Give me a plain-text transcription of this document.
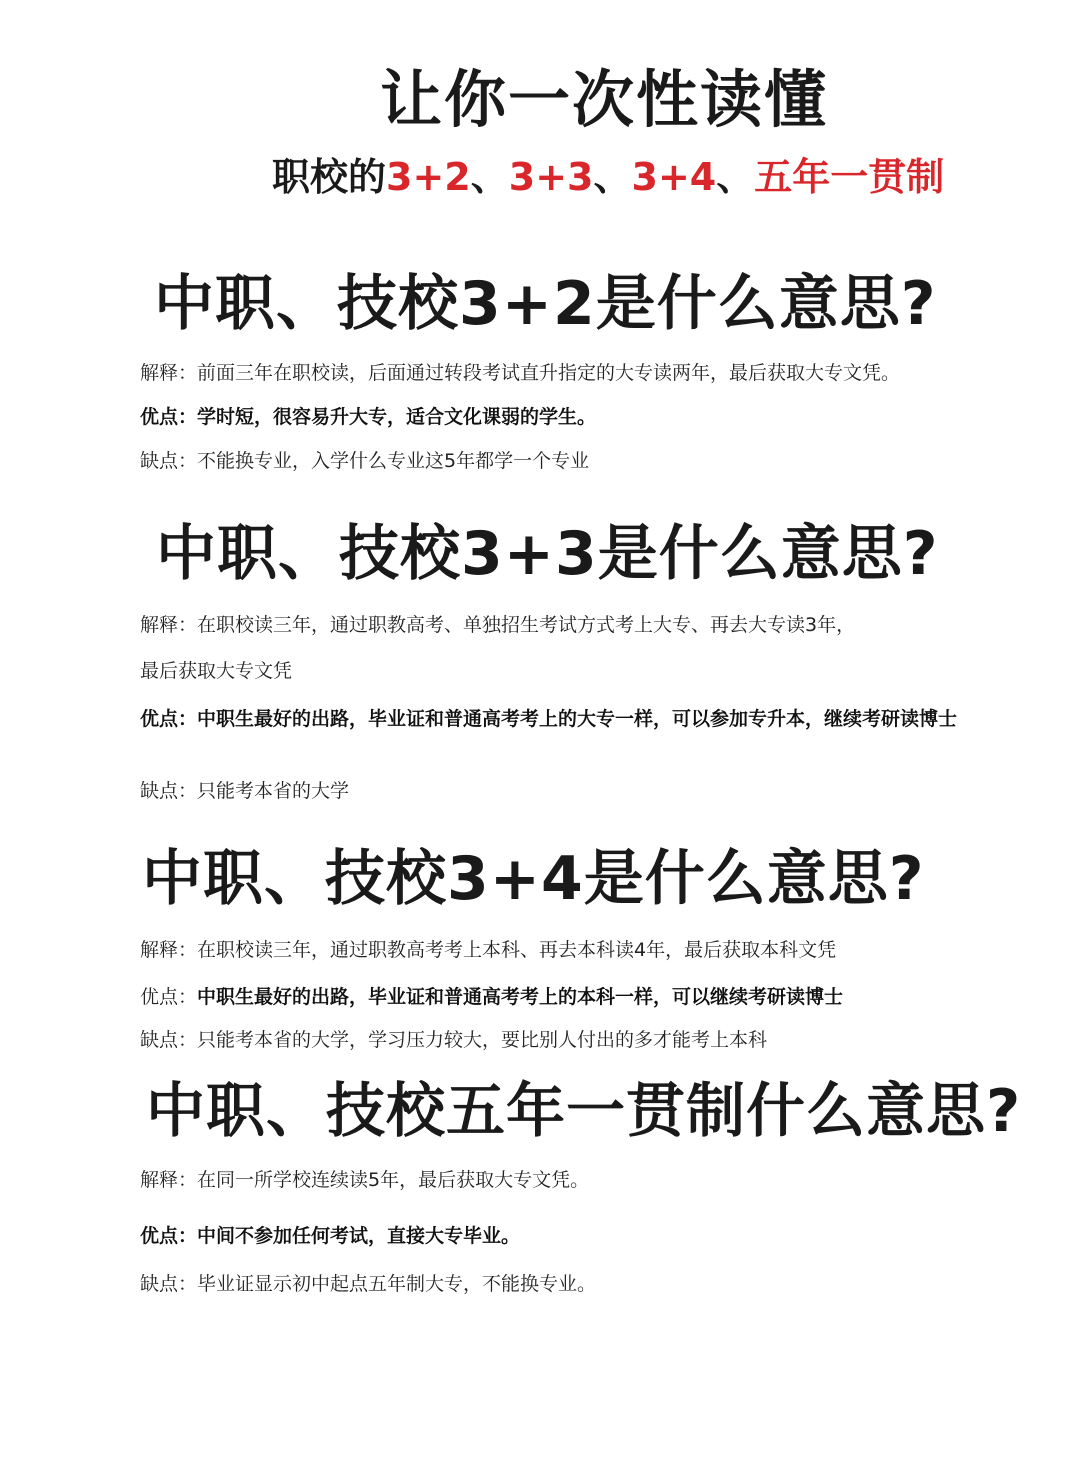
让你一次性读懂
职校的3+2、3+3、3+4、五年一贯制
中职、技校3+2是什么意思?
解释：前面三年在职校读，后面通过转段考试直升指定的大专读两年，最后获取大专文凭。
优点：学时短，很容易升大专，适合文化课弱的学生。
缺点：不能换专业，入学什么专业这5年都学一个专业
中职、技校3+3是什么意思?
解释：在职校读三年，通过职教高考、单独招生考试方式考上大专、再去大专读3年，
最后获取大专文凭
优点：中职生最好的出路，毕业证和普通高考考上的大专一样，可以参加专升本，继续考研读博士
缺点：只能考本省的大学
中职、技校3+4是什么意思?
解释：在职校读三年，通过职教高考考上本科、再去本科读4年，最后获取本科文凭
优点：中职生最好的出路，毕业证和普通高考考上的本科一样，可以继续考研读博士
缺点：只能考本省的大学，学习压力较大，要比别人付出的多才能考上本科
中职、技校五年一贯制什么意思?
解释：在同一所学校连续读5年，最后获取大专文凭。
优点：中间不参加任何考试，直接大专毕业。
缺点：毕业证显示初中起点五年制大专，不能换专业。
